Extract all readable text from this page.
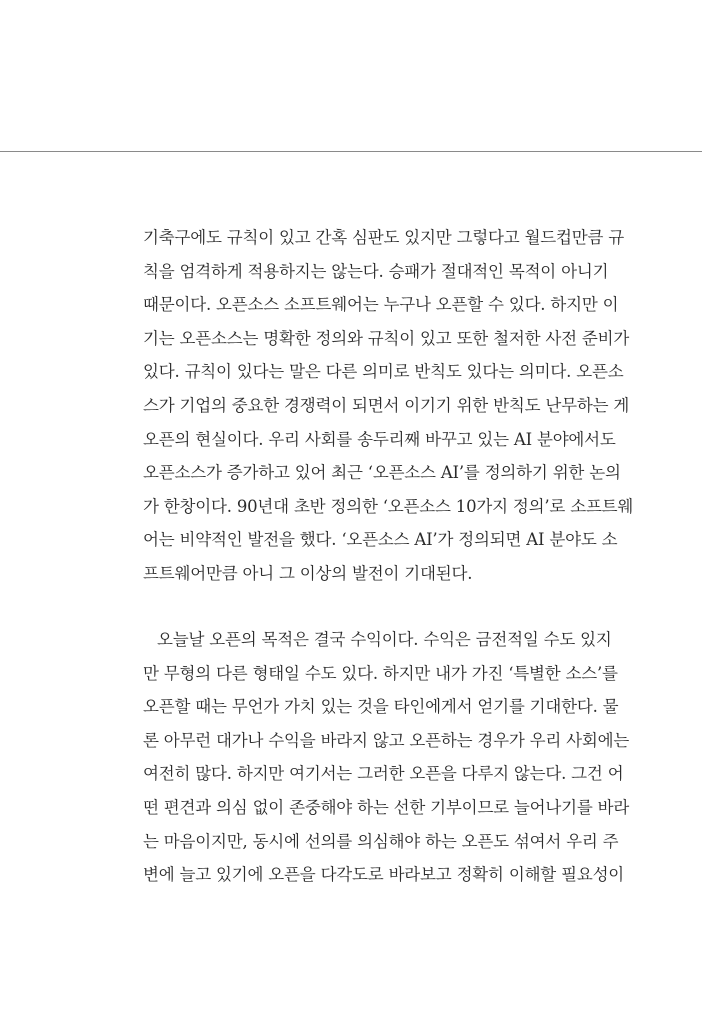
기축구에도 규칙이 있고 간혹 심판도 있지만 그렇다고 월드컵만큼 규
칙을 엄격하게 적용하지는 않는다. 승패가 절대적인 목적이 아니기
때문이다. 오픈소스 소프트웨어는 누구나 오픈할 수 있다. 하지만 이
기는 오픈소스는 명확한 정의와 규칙이 있고 또한 철저한 사전 준비가
있다. 규칙이 있다는 말은 다른 의미로 반칙도 있다는 의미다. 오픈소
스가 기업의 중요한 경쟁력이 되면서 이기기 위한 반칙도 난무하는 게
오픈의 현실이다. 우리 사회를 송두리째 바꾸고 있는 AI 분야에서도
오픈소스가 증가하고 있어 최근 ‘오픈소스 AI’를 정의하기 위한 논의
가 한창이다. 90년대 초반 정의한 ‘오픈소스 10가지 정의’로 소프트웨
어는 비약적인 발전을 했다. ‘오픈소스 AI’가 정의되면 AI 분야도 소
프트웨어만큼 아니 그 이상의 발전이 기대된다.
오늘날 오픈의 목적은 결국 수익이다. 수익은 금전적일 수도 있지
만 무형의 다른 형태일 수도 있다. 하지만 내가 가진 ‘특별한 소스’를
오픈할 때는 무언가 가치 있는 것을 타인에게서 얻기를 기대한다. 물
론 아무런 대가나 수익을 바라지 않고 오픈하는 경우가 우리 사회에는
여전히 많다. 하지만 여기서는 그러한 오픈을 다루지 않는다. 그건 어
떤 편견과 의심 없이 존중해야 하는 선한 기부이므로 늘어나기를 바라
는 마음이지만, 동시에 선의를 의심해야 하는 오픈도 섞여서 우리 주
변에 늘고 있기에 오픈을 다각도로 바라보고 정확히 이해할 필요성이
